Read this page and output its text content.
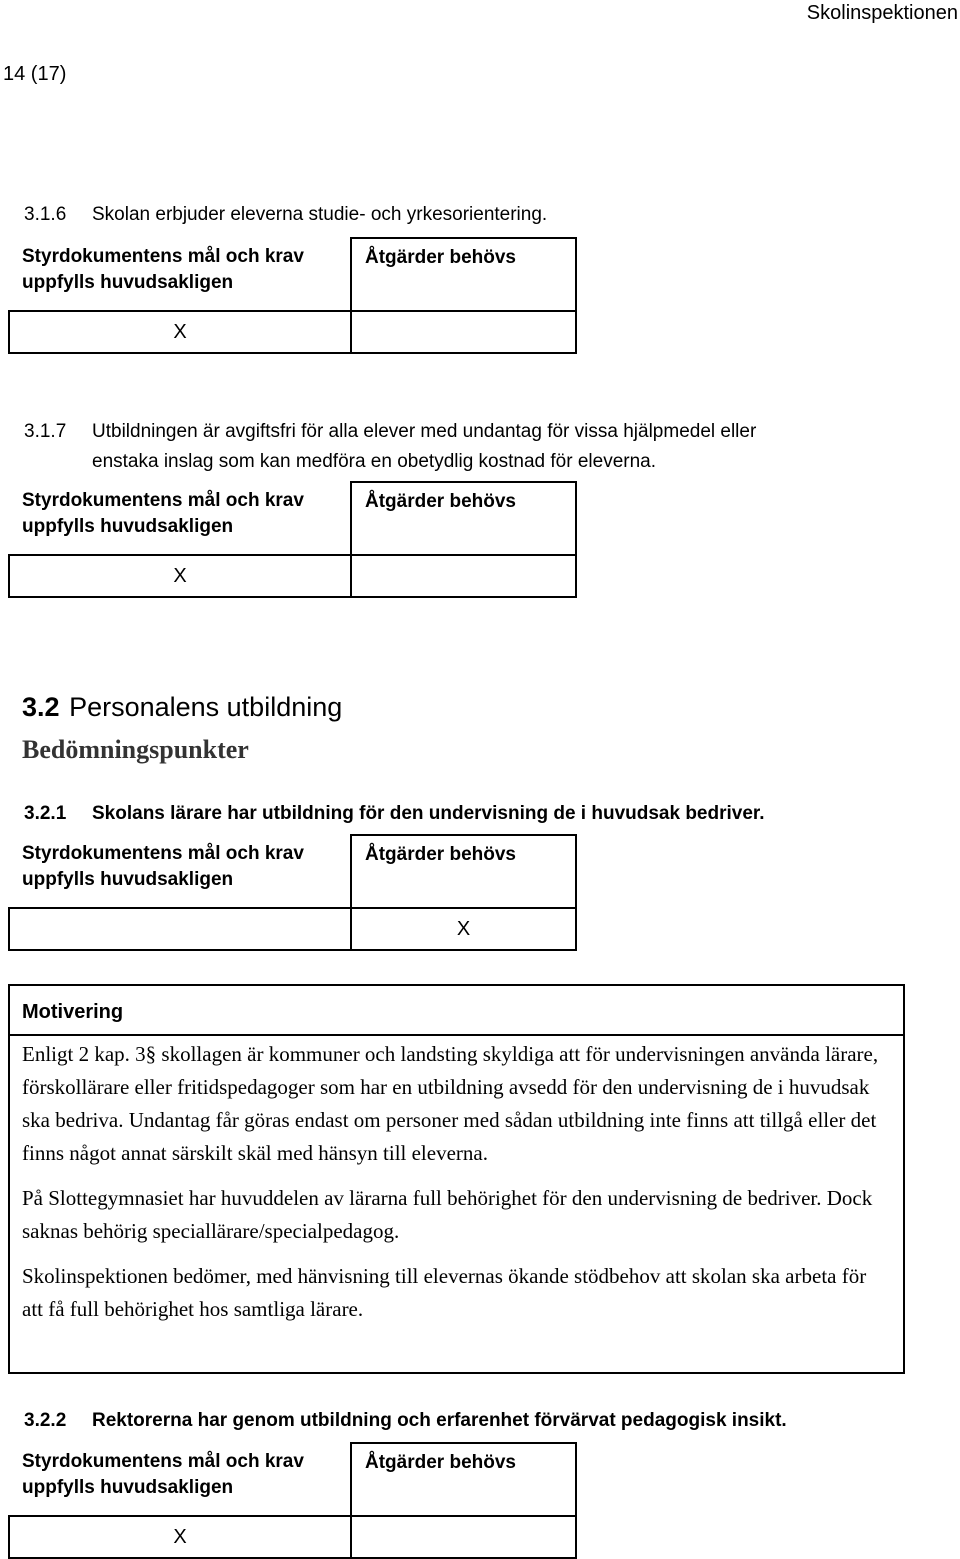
Skolinspektionen
14 (17)
3.1.6 Skolan erbjuder eleverna studie- och yrkesorientering.
Styrdokumentens mål och krav uppfylls huvudsakligen	Åtgärder behövs

X	
3.1.7 Utbildningen är avgiftsfri för alla elever med undantag för vissa hjälpmedel eller
enstaka inslag som kan medföra en obetydlig kostnad för eleverna.
Styrdokumentens mål och krav uppfylls huvudsakligen	Åtgärder behövs

X	
3.2 Personalens utbildning
Bedömningspunkter
3.2.1 Skolans lärare har utbildning för den undervisning de i huvudsak bedriver.
Styrdokumentens mål och krav uppfylls huvudsakligen	Åtgärder behövs

	X
Motivering

Enligt 2 kap. 3§ skollagen är kommuner och landsting skyldiga att för undervisningen använda lärare, förskollärare eller fritidspedagoger som har en utbildning avsedd för den undervisning de i huvudsak ska bedriva. Undantag får göras endast om personer med sådan utbildning inte finns att tillgå eller det finns något annat särskilt skäl med hänsyn till eleverna.

På Slottegymnasiet har huvuddelen av lärarna full behörighet för den undervisning de bedriver. Dock saknas behörig speciallärare/specialpedagog.

Skolinspektionen bedömer, med hänvisning till elevernas ökande stödbehov att skolan ska arbeta för att få full behörighet hos samtliga lärare.

3.2.2 Rektorerna har genom utbildning och erfarenhet förvärvat pedagogisk insikt.
Styrdokumentens mål och krav uppfylls huvudsakligen	Åtgärder behövs

X	
